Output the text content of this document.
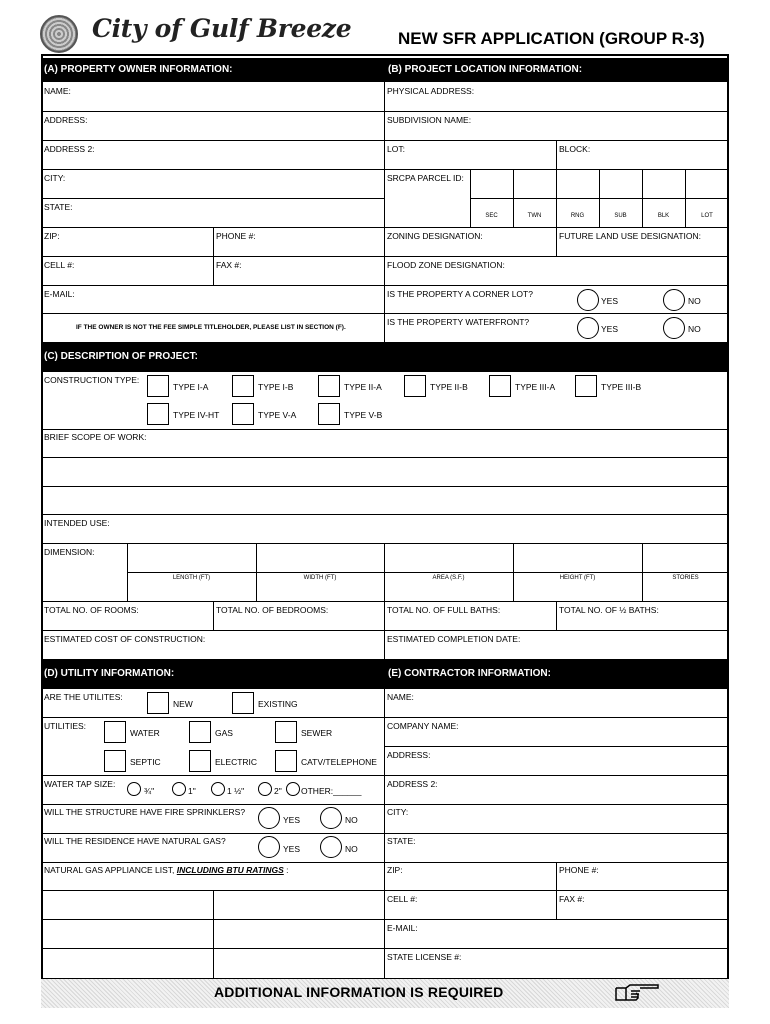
City of Gulf Breeze	NEW SFR APPLICATION (GROUP R-3)
(A) PROPERTY OWNER INFORMATION:	(B) PROJECT LOCATION INFORMATION:
NAME:
ADDRESS:
ADDRESS 2:
CITY:
STATE:
ZIP:	PHONE #:
CELL #:	FAX #:
E-MAIL:
IF THE OWNER IS NOT THE FEE SIMPLE TITLEHOLDER, PLEASE LIST IN SECTION (F).
PHYSICAL ADDRESS:
SUBDIVISION NAME:
LOT:	BLOCK:
SRCPA PARCEL ID:
SEC	TWN	RNG	SUB	BLK	LOT
ZONING DESIGNATION:	FUTURE LAND USE DESIGNATION:
FLOOD ZONE DESIGNATION:
IS THE PROPERTY A CORNER LOT?
YES	NO
IS THE PROPERTY WATERFRONT?
YES	NO
(C) DESCRIPTION OF PROJECT:
CONSTRUCTION TYPE:
TYPE I-A	TYPE I-B	TYPE II-A	TYPE II-B	TYPE III-A	TYPE III-B
TYPE IV-HT	TYPE V-A	TYPE V-B
BRIEF SCOPE OF WORK:
INTENDED USE:
DIMENSION:
LENGTH (FT)	WIDTH (FT)	AREA (S.F.)	HEIGHT (FT)	STORIES
TOTAL NO. OF ROOMS:	TOTAL NO. OF BEDROOMS:	TOTAL NO. OF FULL BATHS:	TOTAL NO. OF ½ BATHS:
ESTIMATED COST OF CONSTRUCTION:	ESTIMATED COMPLETION DATE:
(D) UTILITY INFORMATION:	(E) CONTRACTOR INFORMATION:
ARE THE UTILITES:
NEW	EXISTING
UTILITIES:
WATER	GAS	SEWER
SEPTIC	ELECTRIC	CATV/TELEPHONE
WATER TAP SIZE:
¾"	1"	1 ½"	2" OTHER:______
WILL THE STRUCTURE HAVE FIRE SPRINKLERS?
YES	NO
WILL THE RESIDENCE HAVE NATURAL GAS?
YES	NO
NATURAL GAS APPLIANCE LIST, INCLUDING BTU RATINGS :
NAME:
COMPANY NAME:
ADDRESS:
ADDRESS 2:
CITY:
STATE:
ZIP:	PHONE #:
CELL #:	FAX #:
E-MAIL:
STATE LICENSE #:
ADDITIONAL INFORMATION IS REQUIRED
